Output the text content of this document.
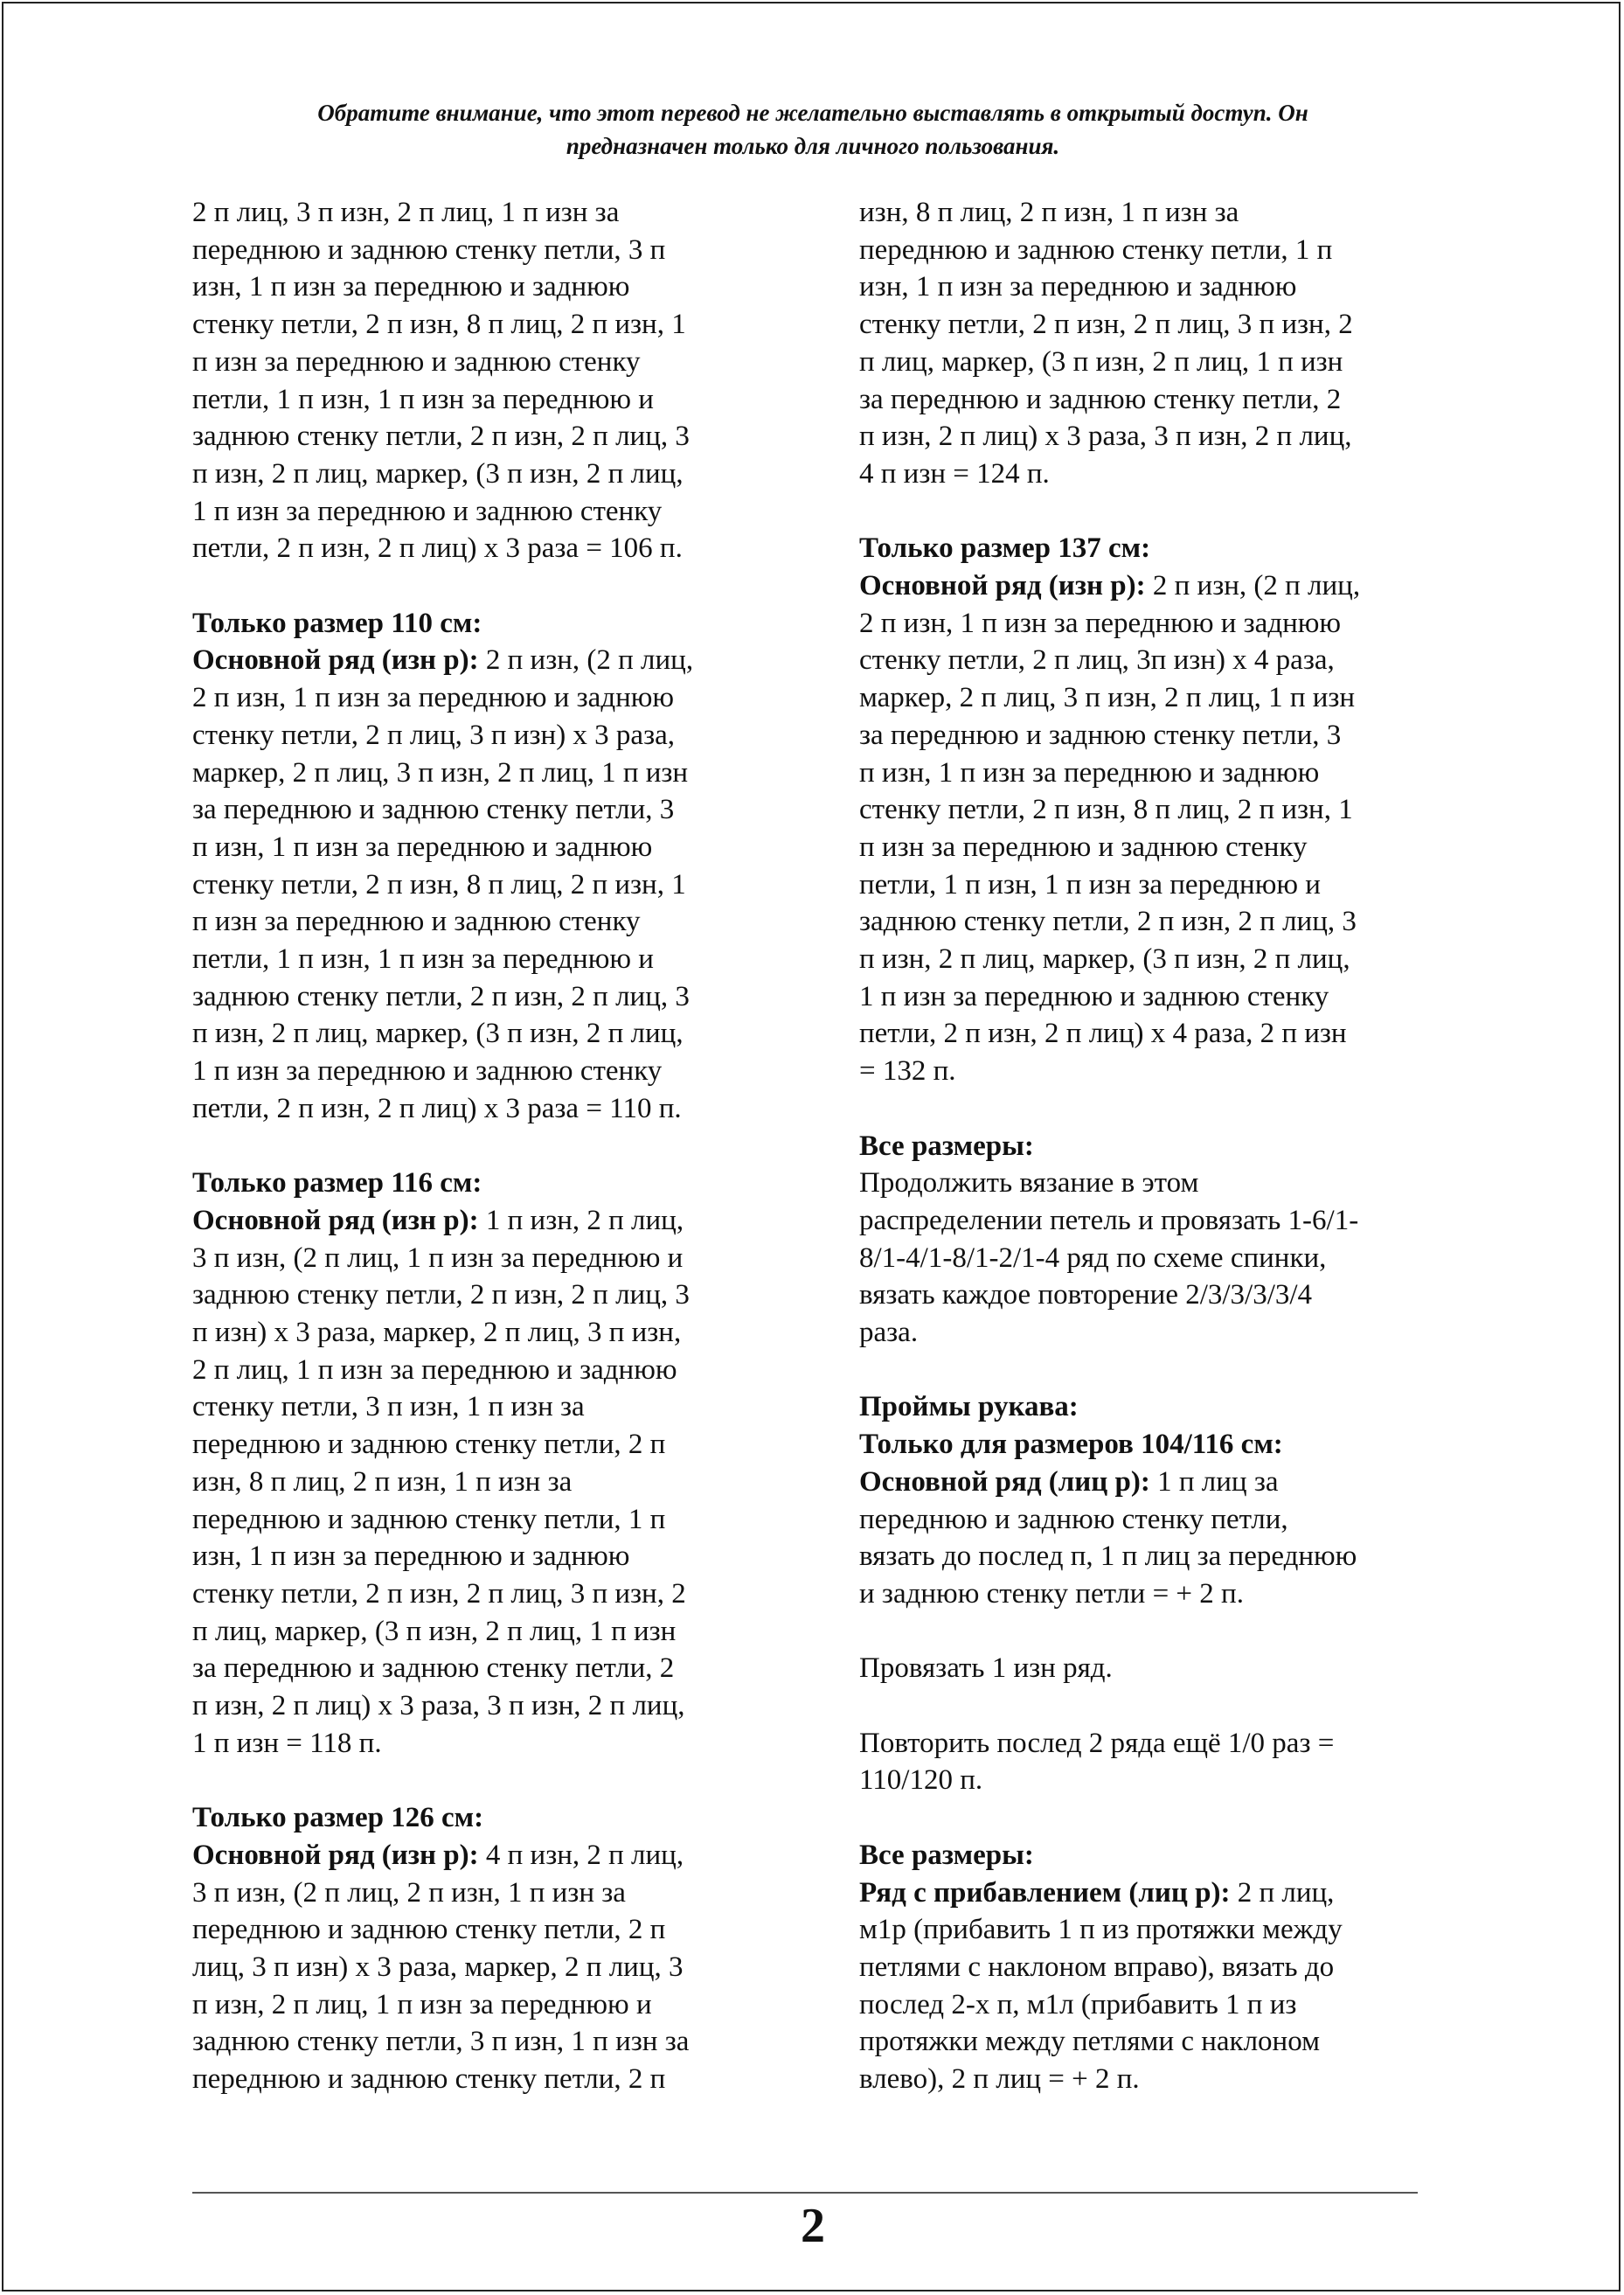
Обратите внимание, что этот перевод не желательно выставлять в открытый доступ. Он
предназначен только для личного пользования.
2 п лиц, 3 п изн, 2 п лиц, 1 п изн за
переднюю и заднюю стенку петли, 3 п
изн, 1 п изн за переднюю и заднюю
стенку петли, 2 п изн, 8 п лиц, 2 п изн, 1
п изн за переднюю и заднюю стенку
петли, 1 п изн, 1 п изн за переднюю и
заднюю стенку петли, 2 п изн, 2 п лиц, 3
п изн, 2 п лиц, маркер, (3 п изн, 2 п лиц,
1 п изн за переднюю и заднюю стенку
петли, 2 п изн, 2 п лиц) х 3 раза = 106 п.
Только размер 110 см:
Основной ряд (изн р): 2 п изн, (2 п лиц,
2 п изн, 1 п изн за переднюю и заднюю
стенку петли, 2 п лиц, 3 п изн) х 3 раза,
маркер, 2 п лиц, 3 п изн, 2 п лиц, 1 п изн
за переднюю и заднюю стенку петли, 3
п изн, 1 п изн за переднюю и заднюю
стенку петли, 2 п изн, 8 п лиц, 2 п изн, 1
п изн за переднюю и заднюю стенку
петли, 1 п изн, 1 п изн за переднюю и
заднюю стенку петли, 2 п изн, 2 п лиц, 3
п изн, 2 п лиц, маркер, (3 п изн, 2 п лиц,
1 п изн за переднюю и заднюю стенку
петли, 2 п изн, 2 п лиц) х 3 раза = 110 п.
Только размер 116 см:
Основной ряд (изн р): 1 п изн, 2 п лиц,
3 п изн, (2 п лиц, 1 п изн за переднюю и
заднюю стенку петли, 2 п изн, 2 п лиц, 3
п изн) х 3 раза, маркер, 2 п лиц, 3 п изн,
2 п лиц, 1 п изн за переднюю и заднюю
стенку петли, 3 п изн, 1 п изн за
переднюю и заднюю стенку петли, 2 п
изн, 8 п лиц, 2 п изн, 1 п изн за
переднюю и заднюю стенку петли, 1 п
изн, 1 п изн за переднюю и заднюю
стенку петли, 2 п изн, 2 п лиц, 3 п изн, 2
п лиц, маркер, (3 п изн, 2 п лиц, 1 п изн
за переднюю и заднюю стенку петли, 2
п изн, 2 п лиц) х 3 раза, 3 п изн, 2 п лиц,
1 п изн = 118 п.
Только размер 126 см:
Основной ряд (изн р): 4 п изн, 2 п лиц,
3 п изн, (2 п лиц, 2 п изн, 1 п изн за
переднюю и заднюю стенку петли, 2 п
лиц, 3 п изн) х 3 раза, маркер, 2 п лиц, 3
п изн, 2 п лиц, 1 п изн за переднюю и
заднюю стенку петли, 3 п изн, 1 п изн за
переднюю и заднюю стенку петли, 2 п
изн, 8 п лиц, 2 п изн, 1 п изн за
переднюю и заднюю стенку петли, 1 п
изн, 1 п изн за переднюю и заднюю
стенку петли, 2 п изн, 2 п лиц, 3 п изн, 2
п лиц, маркер, (3 п изн, 2 п лиц, 1 п изн
за переднюю и заднюю стенку петли, 2
п изн, 2 п лиц) х 3 раза, 3 п изн, 2 п лиц,
4 п изн = 124 п.
Только размер 137 см:
Основной ряд (изн р): 2 п изн, (2 п лиц,
2 п изн, 1 п изн за переднюю и заднюю
стенку петли, 2 п лиц, 3п изн) х 4 раза,
маркер, 2 п лиц, 3 п изн, 2 п лиц, 1 п изн
за переднюю и заднюю стенку петли, 3
п изн, 1 п изн за переднюю и заднюю
стенку петли, 2 п изн, 8 п лиц, 2 п изн, 1
п изн за переднюю и заднюю стенку
петли, 1 п изн, 1 п изн за переднюю и
заднюю стенку петли, 2 п изн, 2 п лиц, 3
п изн, 2 п лиц, маркер, (3 п изн, 2 п лиц,
1 п изн за переднюю и заднюю стенку
петли, 2 п изн, 2 п лиц) х 4 раза, 2 п изн
= 132 п.
Все размеры:
Продолжить вязание в этом
распределении петель и провязать 1-6/1-
8/1-4/1-8/1-2/1-4 ряд по схеме спинки,
вязать каждое повторение 2/3/3/3/3/4
раза.
Проймы рукава:
Только для размеров 104/116 см:
Основной ряд (лиц р): 1 п лиц за
переднюю и заднюю стенку петли,
вязать до послед п, 1 п лиц за переднюю
и заднюю стенку петли = + 2 п.
Провязать 1 изн ряд.
Повторить послед 2 ряда ещё 1/0 раз =
110/120 п.
Все размеры:
Ряд с прибавлением (лиц р): 2 п лиц,
м1р (прибавить 1 п из протяжки между
петлями с наклоном вправо), вязать до
послед 2-х п, м1л (прибавить 1 п из
протяжки между петлями с наклоном
влево), 2 п лиц = + 2 п.
2
